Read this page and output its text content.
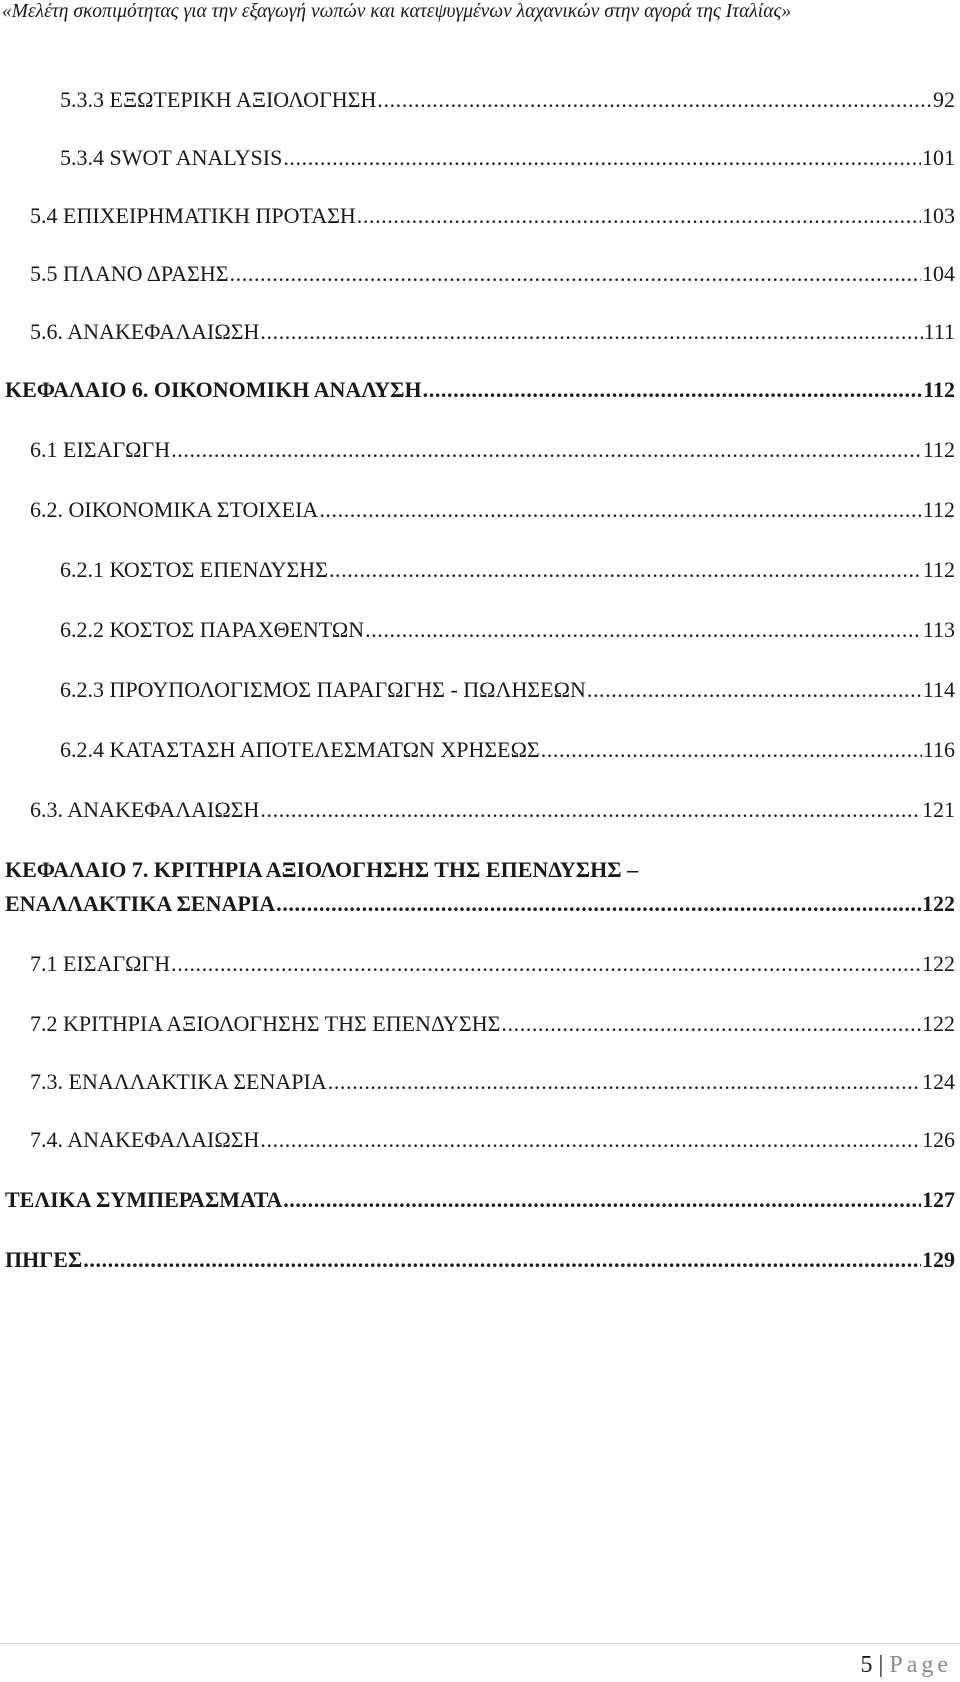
«Μελέτη σκοπιμότητας για την εξαγωγή νωπών και κατεψυγμένων λαχανικών στην αγορά της Ιταλίας»
5.3.3 ΕΞΩΤΕΡΙΚΗ ΑΞΙΟΛΟΓΗΣΗ .....	92
5.3.4 SWOT ANALYSIS .....	101
5.4 ΕΠΙΧΕΙΡΗΜΑΤΙΚΗ ΠΡΟΤΑΣΗ .....	103
5.5 ΠΛΑΝΟ ΔΡΑΣΗΣ .....	104
5.6. ΑΝΑΚΕΦΑΛΑΙΩΣΗ .....	111
ΚΕΦΑΛΑΙΟ 6. ΟΙΚΟΝΟΜΙΚΗ ΑΝΑΛΥΣΗ .....	112
6.1 ΕΙΣΑΓΩΓΗ .....	112
6.2. ΟΙΚΟΝΟΜΙΚΑ ΣΤΟΙΧΕΙΑ .....	112
6.2.1 ΚΟΣΤΟΣ ΕΠΕΝΔΥΣΗΣ .....	112
6.2.2 ΚΟΣΤΟΣ ΠΑΡΑΧΘΕΝΤΩΝ .....	113
6.2.3 ΠΡΟΥΠΟΛΟΓΙΣΜΟΣ ΠΑΡΑΓΩΓΗΣ - ΠΩΛΗΣΕΩΝ .....	114
6.2.4 ΚΑΤΑΣΤΑΣΗ ΑΠΟΤΕΛΕΣΜΑΤΩΝ ΧΡΗΣΕΩΣ .....	116
6.3. ΑΝΑΚΕΦΑΛΑΙΩΣΗ .....	121
ΚΕΦΑΛΑΙΟ 7. ΚΡΙΤΗΡΙΑ ΑΞΙΟΛΟΓΗΣΗΣ ΤΗΣ ΕΠΕΝΔΥΣΗΣ –
ΕΝΑΛΛΑΚΤΙΚΑ ΣΕΝΑΡΙΑ .....	122
7.1 ΕΙΣΑΓΩΓΗ .....	122
7.2 ΚΡΙΤΗΡΙΑ ΑΞΙΟΛΟΓΗΣΗΣ ΤΗΣ ΕΠΕΝΔΥΣΗΣ .....	122
7.3. ΕΝΑΛΛΑΚΤΙΚΑ ΣΕΝΑΡΙΑ .....	124
7.4. ΑΝΑΚΕΦΑΛΑΙΩΣΗ .....	126
ΤΕΛΙΚΑ ΣΥΜΠΕΡΑΣΜΑΤΑ .....	127
ΠΗΓΕΣ .....	129
5 | Page
